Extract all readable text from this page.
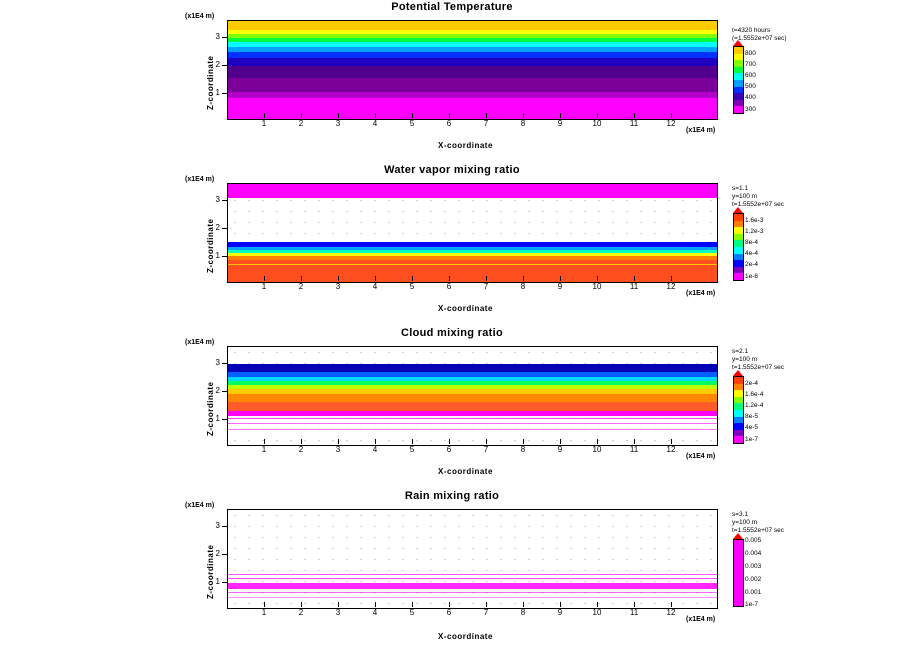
Potential Temperature
(x1E4 m)
Z-coordinate
1	2	3	4	5	6	7	8	9	10	11	12
1
2
3
(x1E4 m)
X-coordinate
t=4320 hours
(=1.5552e+07 sec)
800
700
600
500
400
300
Water vapor mixing ratio
(x1E4 m)
Z-coordinate
1	2	3	4	5	6	7	8	9	10	11	12
1
2
3
(x1E4 m)
X-coordinate
s=1.1
y=100 m
t=1.5552e+07 sec
1.6e-3
1.2e-3
8e-4
4e-4
2e-4
1e-6
Cloud mixing ratio
(x1E4 m)
Z-coordinate
1	2	3	4	5	6	7	8	9	10	11	12
1
2
3
(x1E4 m)
X-coordinate
s=2.1
y=100 m
t=1.5552e+07 sec
2e-4
1.6e-4
1.2e-4
8e-5
4e-5
1e-7
Rain mixing ratio
(x1E4 m)
Z-coordinate
1	2	3	4	5	6	7	8	9	10	11	12
1
2
3
(x1E4 m)
X-coordinate
s=3.1
y=100 m
t=1.5552e+07 sec
0.005
0.004
0.003
0.002
0.001
1e-7
